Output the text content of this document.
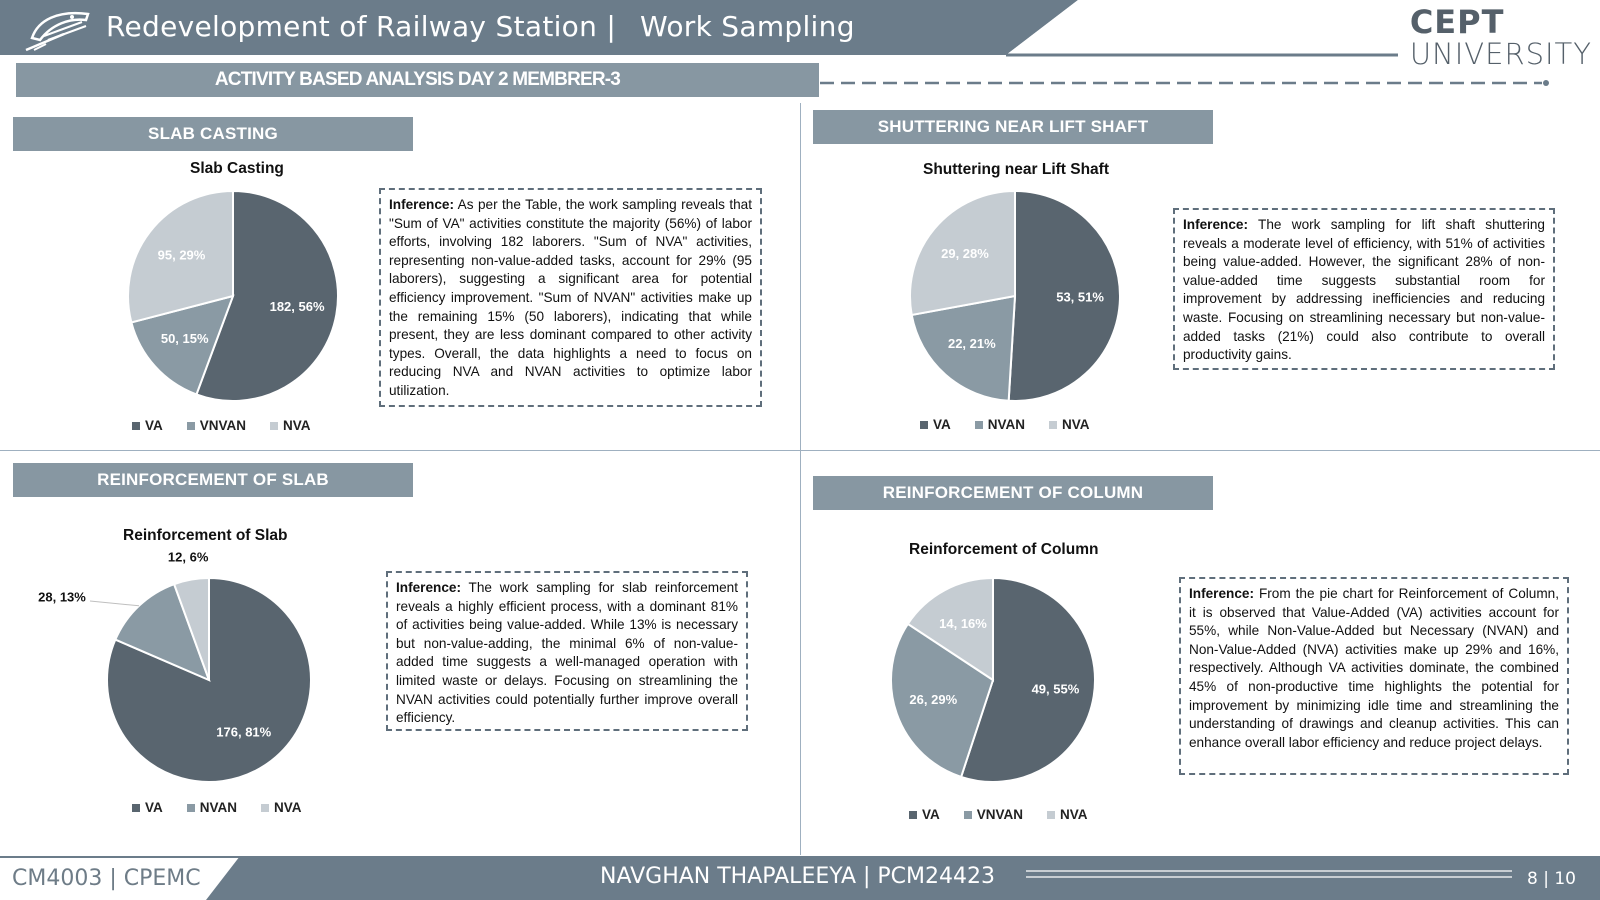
Redevelopment of Railway Station | Work Sampling	CEPT
UNIVERSITY
ACTIVITY BASED ANALYSIS DAY 2 MEMBRER-3
SLAB CASTING
Slab Casting
182, 56%
50, 15%
95, 29%
VA	VNVAN	NVA
Inference: As per the Table, the work sampling reveals that "Sum of VA" activities constitute the majority (56%) of labor efforts, involving 182 laborers. "Sum of NVA" activities, representing non-value-added tasks, account for 29% (95 laborers), suggesting a significant area for potential efficiency improvement. "Sum of NVAN" activities make up the remaining 15% (50 laborers), indicating that while present, they are less dominant compared to other activity types. Overall, the data highlights a need to focus on reducing NVA and NVAN activities to optimize labor utilization.
SHUTTERING NEAR LIFT SHAFT
Shuttering near Lift Shaft
53, 51%
22, 21%
29, 28%
VA	NVAN	NVA
Inference: The work sampling for lift shaft shuttering reveals a moderate level of efficiency, with 51% of activities being value-added. However, the significant 28% of non-value-added time suggests substantial room for improvement by addressing inefficiencies and reducing waste. Focusing on streamlining necessary but non-value-added tasks (21%) could also contribute to overall productivity gains.
REINFORCEMENT OF SLAB
Reinforcement of Slab
176, 81%
28, 13%
12, 6%
VA	NVAN	NVA
Inference: The work sampling for slab reinforcement reveals a highly efficient process, with a dominant 81% of activities being value-added. While 13% is necessary but non-value-adding, the minimal 6% of non-value-added time suggests a well-managed operation with limited waste or delays. Focusing on streamlining the NVAN activities could potentially further improve overall efficiency.
REINFORCEMENT OF COLUMN
Reinforcement of Column
49, 55%
26, 29%
14, 16%
VA	VNVAN	NVA
Inference: From the pie chart for Reinforcement of Column, it is observed that Value-Added (VA) activities account for 55%, while Non-Value-Added but Necessary (NVAN) and Non-Value-Added (NVA) activities make up 29% and 16%, respectively. Although VA activities dominate, the combined 45% of non-productive time highlights the potential for improvement by minimizing idle time and streamlining the understanding of drawings and cleanup activities. This can enhance overall labor efficiency and reduce project delays.
CM4003 | CPEMC	NAVGHAN THAPALEEYA | PCM24423	8 | 10
